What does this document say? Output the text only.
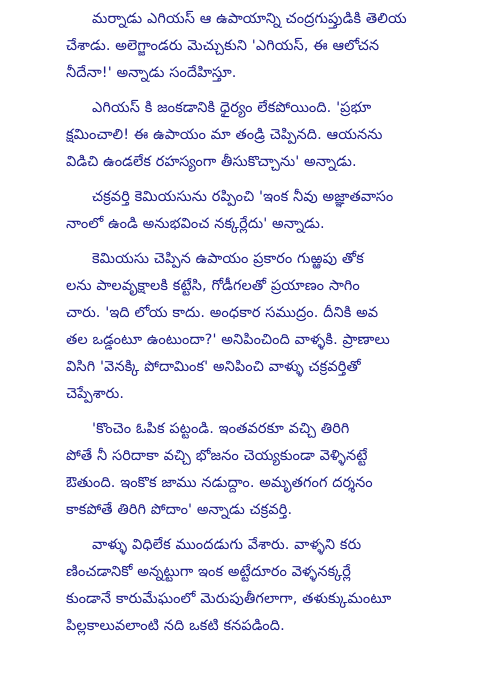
మర్నాడు ఎగియస్ ఆ ఉపాయాన్ని చంద్రగుప్తుడికి తెలియ
చేశాడు. అలెగ్జాండరు మెచ్చుకుని 'ఎగియస్, ఈ ఆలోచన
నీదేనా!' అన్నాడు సందేహిస్తూ.
ఎగియస్ కి జంకడానికి ధైర్యం లేకపోయింది. 'ప్రభూ
క్షమించాలి! ఈ ఉపాయం మా తండ్రి చెప్పినది. ఆయనను
విడిచి ఉండలేక రహస్యంగా తీసుకొచ్చాను' అన్నాడు.
చక్రవర్తి కెమియసును రప్పించి 'ఇంక నీవు అజ్ఞాతవాసం
నాంలో ఉండి అనుభవించ నక్కర్లేదు' అన్నాడు.
కెమియసు చెప్పిన ఉపాయం ప్రకారం గుఱ్ఱపు తోక
లను పాలవృక్షాలకి కట్టేసి, గోడీగలతో ప్రయాణం సాగిం
చారు. 'ఇది లోయ కాదు. అంధకార సముద్రం. దీనికి అవ
తల ఒడ్డంటూ ఉంటుందా?' అనిపించింది వాళ్ళకి. ప్రాణాలు
విసిగి 'వెనక్కి పోదామింక' అనిపించి వాళ్ళు చక్రవర్తితో
చెప్పేశారు.
'కొంచెం ఓపిక పట్టండి. ఇంతవరకూ వచ్చి తిరిగి
పోతే నీ సరిదాకా వచ్చి భోజనం చెయ్యకుండా వెళ్ళినట్టే
ఔతుంది. ఇంకొక జాము నడుద్దాం. అమృతగంగ దర్శనం
కాకపోతే తిరిగి పోదాం' అన్నాడు చక్రవర్తి.
వాళ్ళు విధిలేక ముందడుగు వేశారు. వాళ్ళని కరు
ణించడానికో అన్నట్టుగా ఇంక అట్టేదూరం వెళ్ళనక్కర్లే
కుండానే కారుమేఘంలో మెరుపుతీగలాగా, తళుక్కుమంటూ
పిల్లకాలువలాంటి నది ఒకటి కనపడింది.
